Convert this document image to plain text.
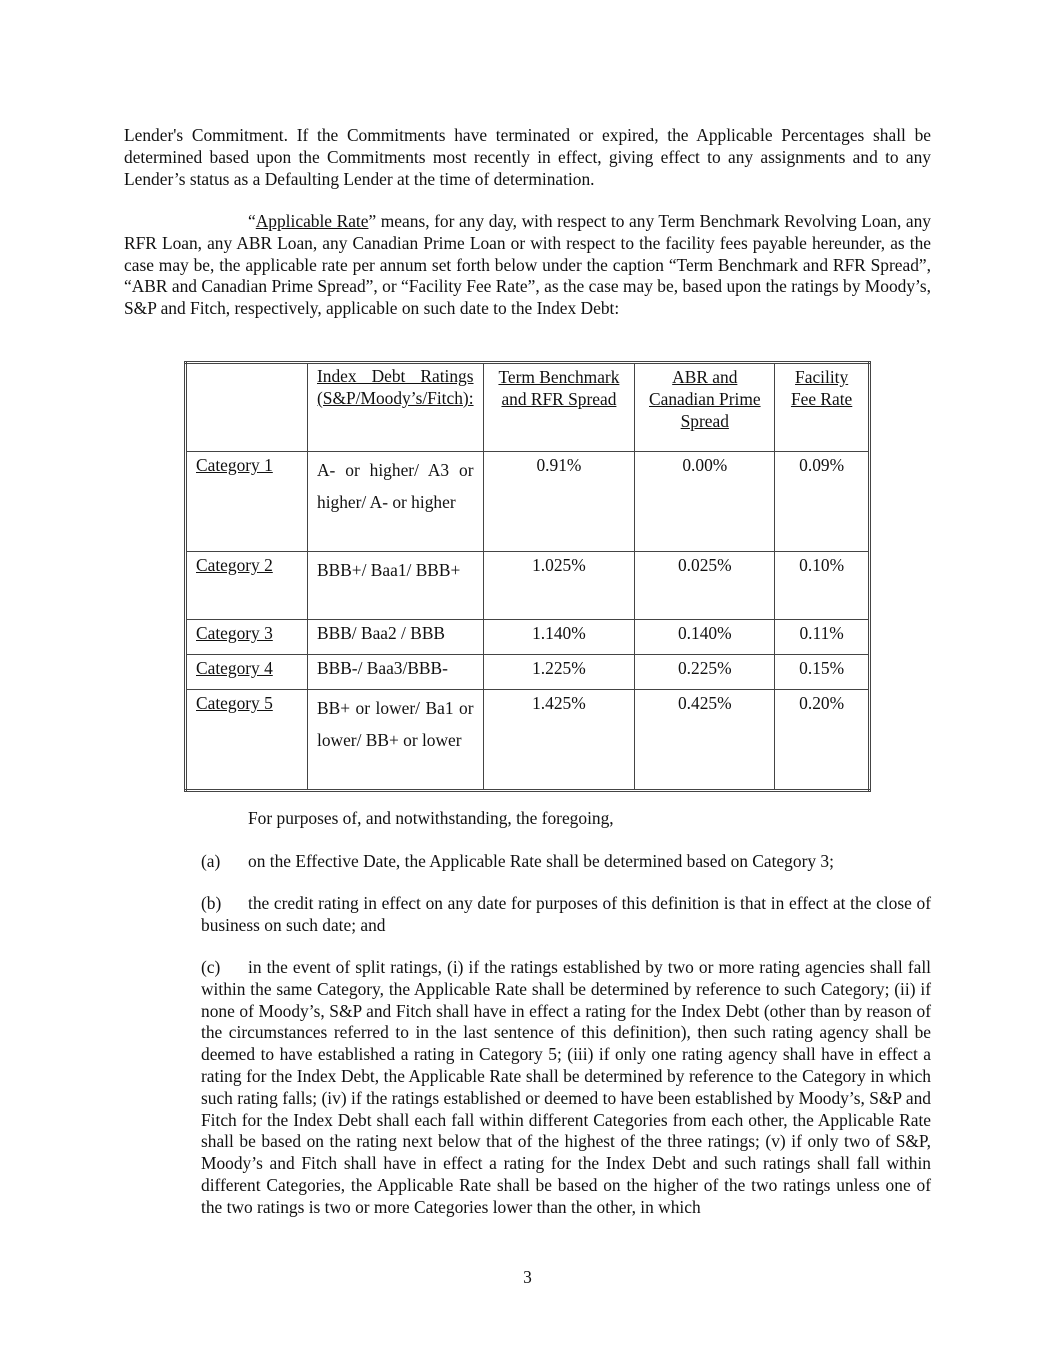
Lender's Commitment. If the Commitments have terminated or expired, the Applicable Percentages shall be determined based upon the Commitments most recently in effect, giving effect to any assignments and to any Lender’s status as a Defaulting Lender at the time of determination.

“Applicable Rate” means, for any day, with respect to any Term Benchmark Revolving Loan, any RFR Loan, any ABR Loan, any Canadian Prime Loan or with respect to the facility fees payable hereunder, as the case may be, the applicable rate per annum set forth below under the caption “Term Benchmark and RFR Spread”, “ABR and Canadian Prime Spread”, or “Facility Fee Rate”, as the case may be, based upon the ratings by Moody’s, S&P and Fitch, respectively, applicable on such date to the Index Debt:

	Index Debt Ratings (S&P/Moody’s/Fitch):	Term Benchmark and RFR Spread	ABR and Canadian Prime Spread	Facility Fee Rate
Category 1	A- or higher/ A3 or higher/ A- or higher	0.91%	0.00%	0.09%
Category 2	BBB+/ Baa1/ BBB+	1.025%	0.025%	0.10%
Category 3	BBB/ Baa2 / BBB	1.140%	0.140%	0.11%
Category 4	BBB-/ Baa3/BBB-	1.225%	0.225%	0.15%
Category 5	BB+ or lower/ Ba1 or lower/ BB+ or lower	1.425%	0.425%	0.20%

For purposes of, and notwithstanding, the foregoing,

(a) on the Effective Date, the Applicable Rate shall be determined based on Category 3;

(b) the credit rating in effect on any date for purposes of this definition is that in effect at the close of business on such date; and

(c) in the event of split ratings, (i) if the ratings established by two or more rating agencies shall fall within the same Category, the Applicable Rate shall be determined by reference to such Category; (ii) if none of Moody’s, S&P and Fitch shall have in effect a rating for the Index Debt (other than by reason of the circumstances referred to in the last sentence of this definition), then such rating agency shall be deemed to have established a rating in Category 5; (iii) if only one rating agency shall have in effect a rating for the Index Debt, the Applicable Rate shall be determined by reference to the Category in which such rating falls; (iv) if the ratings established or deemed to have been established by Moody’s, S&P and Fitch for the Index Debt shall each fall within different Categories from each other, the Applicable Rate shall be based on the rating next below that of the highest of the three ratings; (v) if only two of S&P, Moody’s and Fitch shall have in effect a rating for the Index Debt and such ratings shall fall within different Categories, the Applicable Rate shall be based on the higher of the two ratings unless one of the two ratings is two or more Categories lower than the other, in which

3
